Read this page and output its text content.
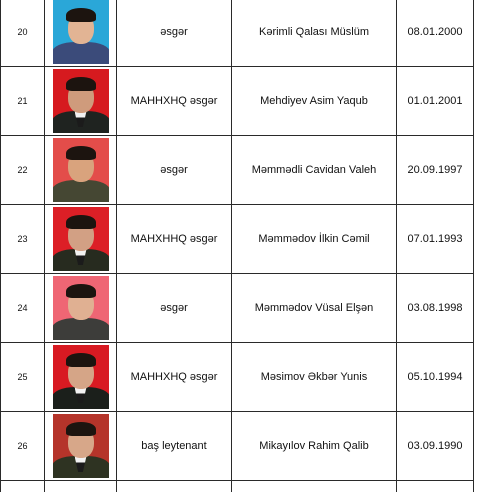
20	əsgər	Kərimli Qalası Müslüm	08.01.2000
21	MAHHXHQ əsgər	Mehdiyev Asim Yaqub	01.01.2001
22	əsgər	Məmmədli Cavidan Valeh	20.09.1997
23	MAHXHHQ əsgər	Məmmədov İlkin Cəmil	07.01.1993
24	əsgər	Məmmədov Vüsal Elşən	03.08.1998
25	MAHHXHQ əsgər	Məsimov Əkbər Yunis	05.10.1994
26	baş leytenant	Mikayılov Rahim Qalib	03.09.1990
